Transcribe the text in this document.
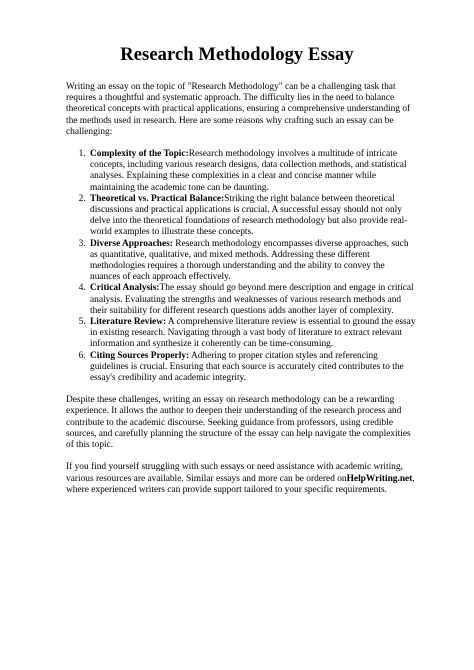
Research Methodology Essay

Writing an essay on the topic of "Research Methodology" can be a challenging task that requires a thoughtful and systematic approach. The difficulty lies in the need to balance theoretical concepts with practical applications, ensuring a comprehensive understanding of the methods used in research. Here are some reasons why crafting such an essay can be challenging:

1. Complexity of the Topic:Research methodology involves a multitude of intricate concepts, including various research designs, data collection methods, and statistical analyses. Explaining these complexities in a clear and concise manner while maintaining the academic tone can be daunting.
2. Theoretical vs. Practical Balance:Striking the right balance between theoretical discussions and practical applications is crucial. A successful essay should not only delve into the theoretical foundations of research methodology but also provide real-world examples to illustrate these concepts.
3. Diverse Approaches: Research methodology encompasses diverse approaches, such as quantitative, qualitative, and mixed methods. Addressing these different methodologies requires a thorough understanding and the ability to convey the nuances of each approach effectively.
4. Critical Analysis:The essay should go beyond mere description and engage in critical analysis. Evaluating the strengths and weaknesses of various research methods and their suitability for different research questions adds another layer of complexity.
5. Literature Review: A comprehensive literature review is essential to ground the essay in existing research. Navigating through a vast body of literature to extract relevant information and synthesize it coherently can be time-consuming.
6. Citing Sources Properly: Adhering to proper citation styles and referencing guidelines is crucial. Ensuring that each source is accurately cited contributes to the essay's credibility and academic integrity.

Despite these challenges, writing an essay on research methodology can be a rewarding experience. It allows the author to deepen their understanding of the research process and contribute to the academic discourse. Seeking guidance from professors, using credible sources, and carefully planning the structure of the essay can help navigate the complexities of this topic.

If you find yourself struggling with such essays or need assistance with academic writing, various resources are available. Similar essays and more can be ordered onHelpWriting.net, where experienced writers can provide support tailored to your specific requirements.
